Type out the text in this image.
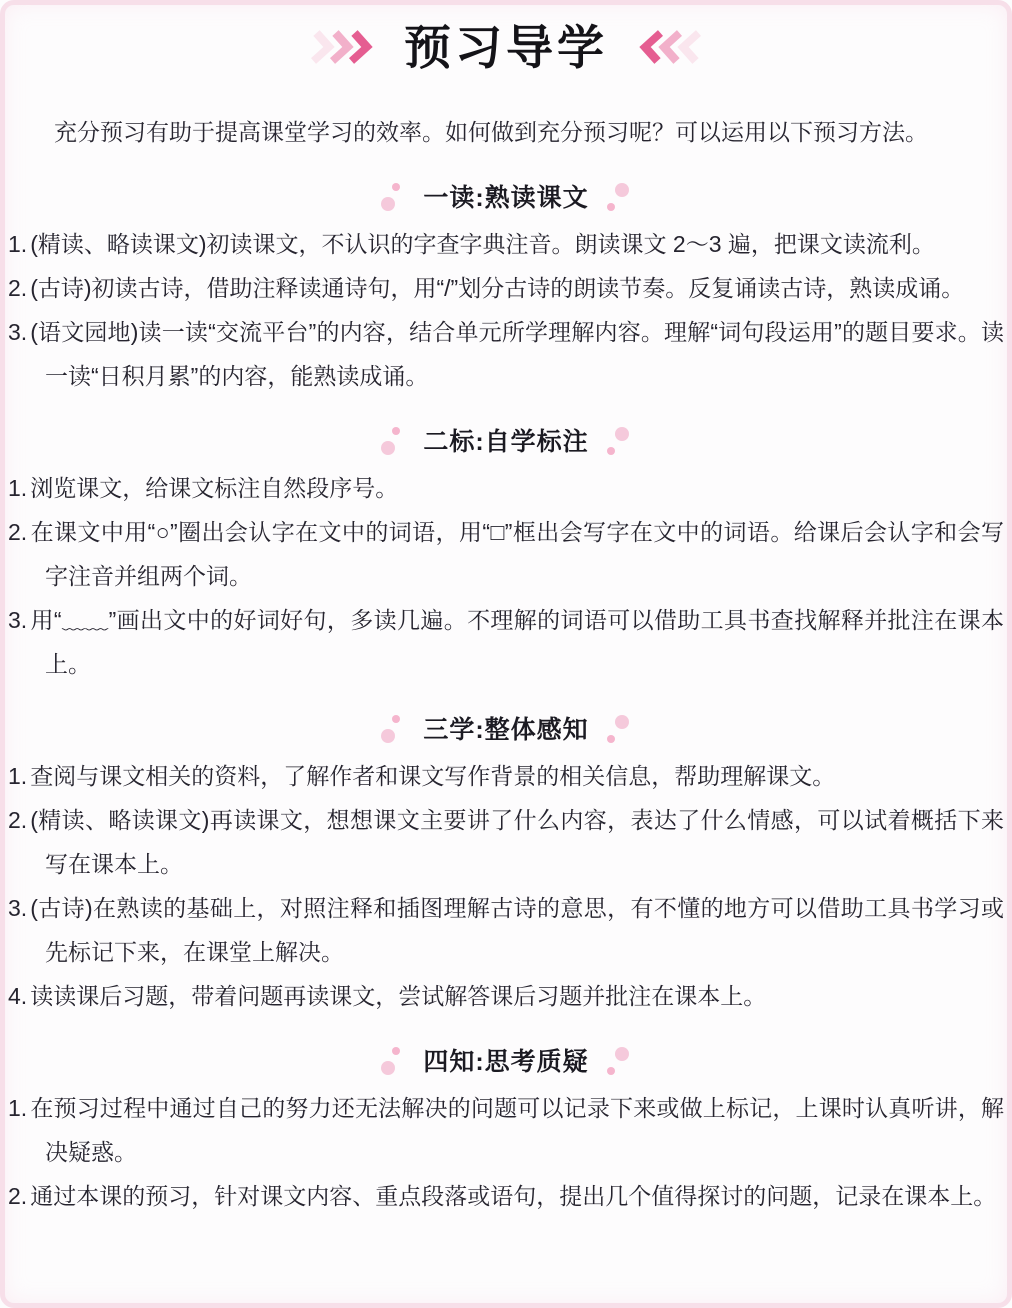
预习导学
充分预习有助于提高课堂学习的效率。如何做到充分预习呢？可以运用以下预习方法。
一读:熟读课文
1. (精读、略读课文)初读课文，不认识的字查字典注音。朗读课文 2～3 遍，把课文读流利。
2. (古诗)初读古诗，借助注释读通诗句，用“/”划分古诗的朗读节奏。反复诵读古诗，熟读成诵。
3. (语文园地)读一读“交流平台”的内容，结合单元所学理解内容。理解“词句段运用”的题目要求。读一读“日积月累”的内容，能熟读成诵。
二标:自学标注
1. 浏览课文，给课文标注自然段序号。
2. 在课文中用“○”圈出会认字在文中的词语，用“□”框出会写字在文中的词语。给课后会认字和会写字注音并组两个词。
3. 用“﹏﹏”画出文中的好词好句，多读几遍。不理解的词语可以借助工具书查找解释并批注在课本上。
三学:整体感知
1. 查阅与课文相关的资料，了解作者和课文写作背景的相关信息，帮助理解课文。
2. (精读、略读课文)再读课文，想想课文主要讲了什么内容，表达了什么情感，可以试着概括下来写在课本上。
3. (古诗)在熟读的基础上，对照注释和插图理解古诗的意思，有不懂的地方可以借助工具书学习或先标记下来，在课堂上解决。
4. 读读课后习题，带着问题再读课文，尝试解答课后习题并批注在课本上。
四知:思考质疑
1. 在预习过程中通过自己的努力还无法解决的问题可以记录下来或做上标记，上课时认真听讲，解决疑惑。
2. 通过本课的预习，针对课文内容、重点段落或语句，提出几个值得探讨的问题，记录在课本上。
